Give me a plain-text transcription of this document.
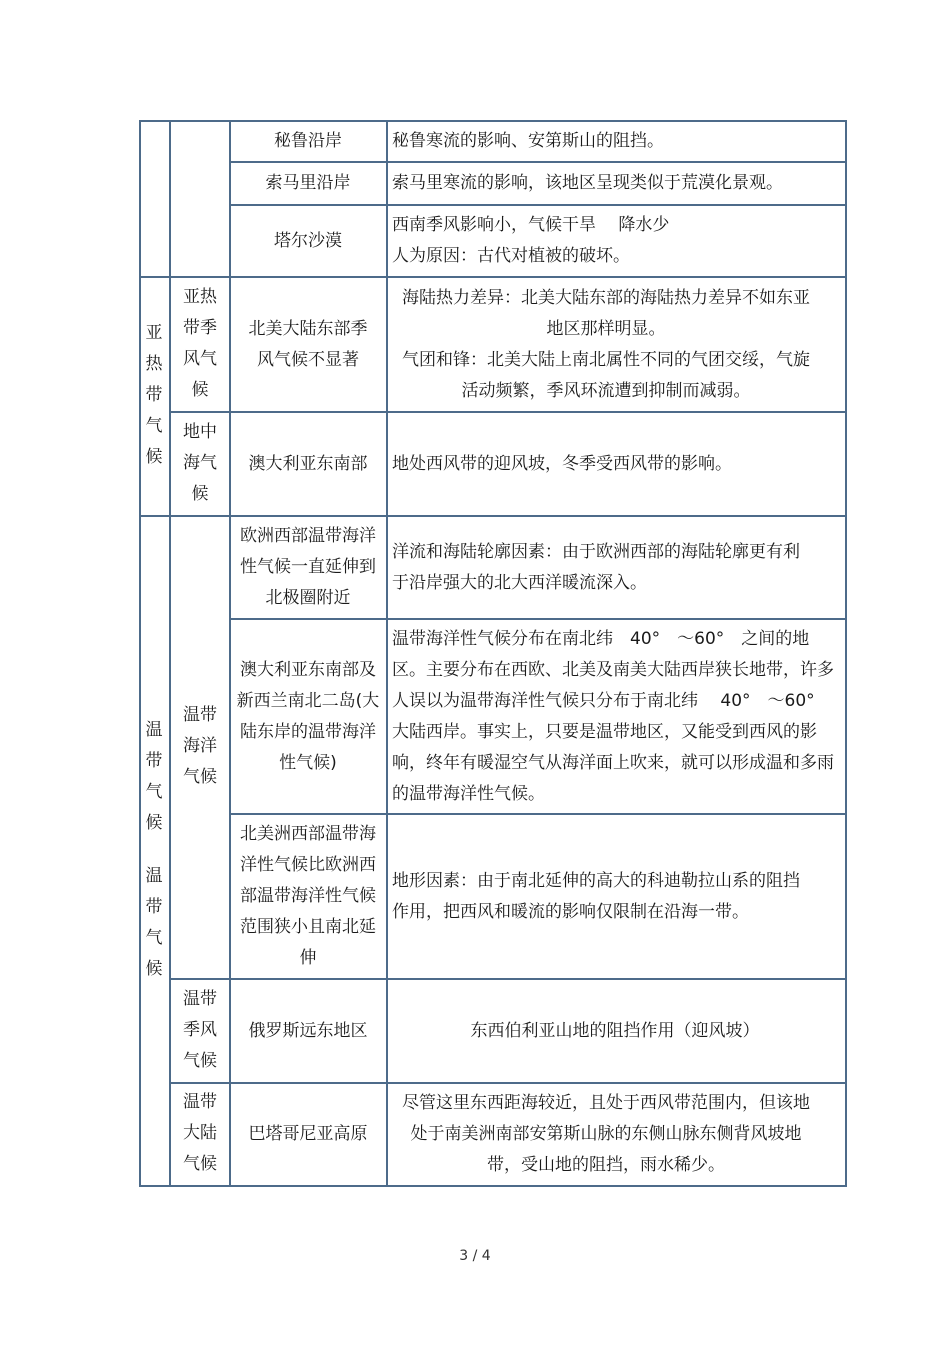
亚
热
带
气
候
温
带
气
候
温
带
气
候
亚热带季风气候
地中海气候
温带海洋气候
温带季风气候
温带大陆气候
秘鲁沿岸
索马里沿岸
塔尔沙漠
北美大陆东部季风气候不显著
澳大利亚东南部
欧洲西部温带海洋性气候一直延伸到北极圈附近
澳大利亚东南部及新西兰南北二岛(大陆东岸的温带海洋性气候)
北美洲西部温带海洋性气候比欧洲西部温带海洋性气候范围狭小且南北延伸
俄罗斯远东地区
巴塔哥尼亚高原
秘鲁寒流的影响、安第斯山的阻挡。
索马里寒流的影响，该地区呈现类似于荒漠化景观。
西南季风影响小，气候干旱　 降水少
人为原因：古代对植被的破坏。
海陆热力差异：北美大陆东部的海陆热力差异不如东亚地区那样明显。
气团和锋：北美大陆上南北属性不同的气团交绥，气旋活动频繁，季风环流遭到抑制而减弱。
地处西风带的迎风坡，冬季受西风带的影响。
洋流和海陆轮廓因素：由于欧洲西部的海陆轮廓更有利于沿岸强大的北大西洋暖流深入。
温带海洋性气候分布在南北纬　40°　～60°　之间的地区。主要分布在西欧、北美及南美大陆西岸狭长地带，许多人误以为温带海洋性气候只分布于南北纬　 40°　～60°　大陆西岸。事实上，只要是温带地区，又能受到西风的影响，终年有暖湿空气从海洋面上吹来，就可以形成温和多雨的温带海洋性气候。
地形因素：由于南北延伸的高大的科迪勒拉山系的阻挡作用，把西风和暖流的影响仅限制在沿海一带。
东西伯利亚山地的阻挡作用（迎风坡）
尽管这里东西距海较近，且处于西风带范围内，但该地处于南美洲南部安第斯山脉的东侧山脉东侧背风坡地带，受山地的阻挡，雨水稀少。
3 / 4
